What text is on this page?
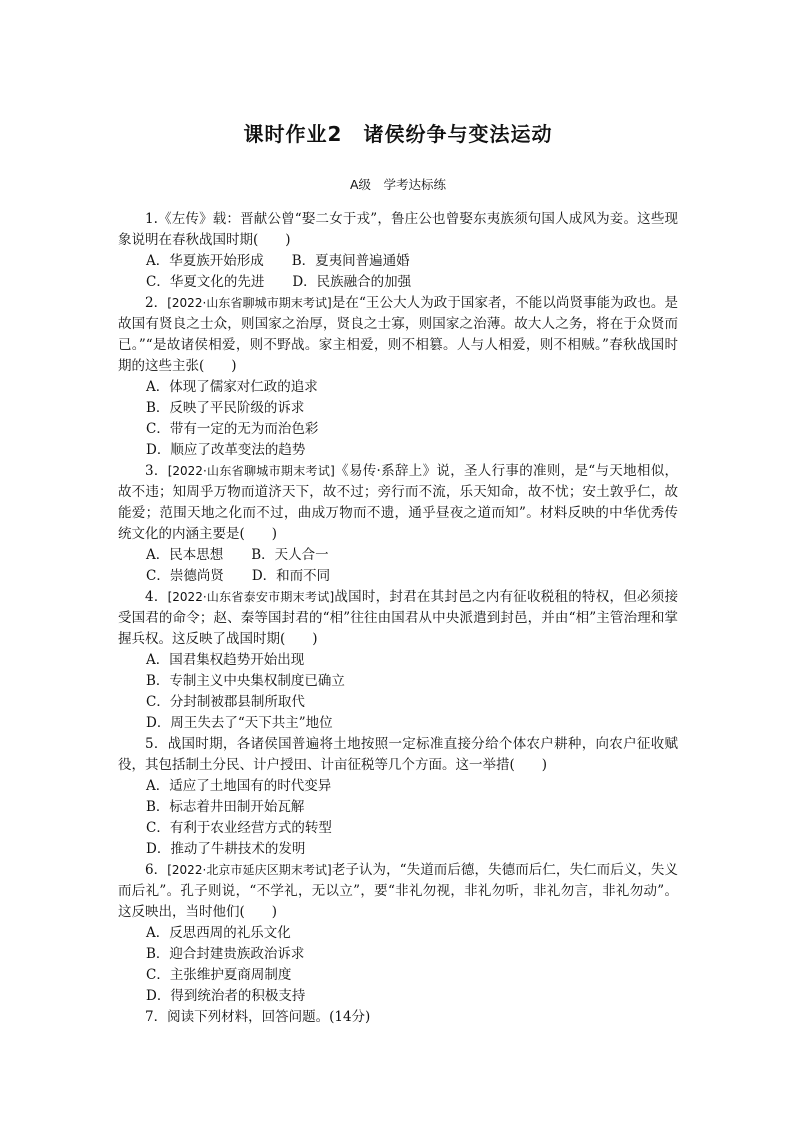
课时作业2　诸侯纷争与变法运动
A级　学考达标练

1.《左传》载：晋献公曾“娶二女于戎”，鲁庄公也曾娶东夷族须句国人成风为妾。这些现象说明在春秋战国时期(　　)

A．华夏族开始形成 B．夏夷间普遍通婚
C．华夏文化的先进 D．民族融合的加强

2．[2022·山东省聊城市期末考试]是在“王公大人为政于国家者，不能以尚贤事能为政也。是故国有贤良之士众，则国家之治厚，贤良之士寡，则国家之治薄。故大人之务，将在于众贤而已。”“是故诸侯相爱，则不野战。家主相爱，则不相篡。人与人相爱，则不相贼。”春秋战国时期的这些主张(　　)

A．体现了儒家对仁政的追求
B．反映了平民阶级的诉求
C．带有一定的无为而治色彩
D．顺应了改革变法的趋势

3．[2022·山东省聊城市期末考试]《易传·系辞上》说，圣人行事的准则，是“与天地相似，故不违；知周乎万物而道济天下，故不过；旁行而不流，乐天知命，故不忧；安土敦乎仁，故能爱；范围天地之化而不过，曲成万物而不遗，通乎昼夜之道而知”。材料反映的中华优秀传统文化的内涵主要是(　　)

A．民本思想 B．天人合一
C．崇德尚贤 D．和而不同

4．[2022·山东省泰安市期末考试]战国时，封君在其封邑之内有征收税租的特权，但必须接受国君的命令；赵、秦等国封君的“相”往往由国君从中央派遣到封邑，并由“相”主管治理和掌握兵权。这反映了战国时期(　　)

A．国君集权趋势开始出现
B．专制主义中央集权制度已确立
C．分封制被郡县制所取代
D．周王失去了“天下共主”地位

5．战国时期，各诸侯国普遍将土地按照一定标准直接分给个体农户耕种，向农户征收赋役，其包括制土分民、计户授田、计亩征税等几个方面。这一举措(　　)

A．适应了土地国有的时代变异
B．标志着井田制开始瓦解
C．有利于农业经营方式的转型
D．推动了牛耕技术的发明

6．[2022·北京市延庆区期末考试]老子认为，“失道而后德，失德而后仁，失仁而后义，失义而后礼”。孔子则说，“不学礼，无以立”，要“非礼勿视，非礼勿听，非礼勿言，非礼勿动”。这反映出，当时他们(　　)

A．反思西周的礼乐文化
B．迎合封建贵族政治诉求
C．主张维护夏商周制度
D．得到统治者的积极支持

7．阅读下列材料，回答问题。(14分)
